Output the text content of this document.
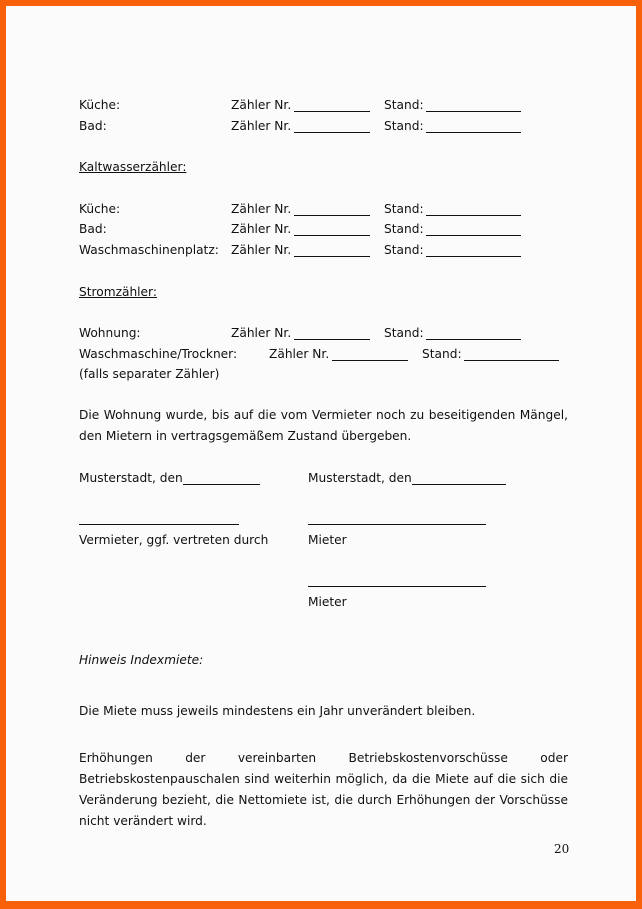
Küche:	Zähler Nr.	Stand:
Bad:	Zähler Nr.	Stand:
Kaltwasserzähler:
Küche:	Zähler Nr.	Stand:
Bad:	Zähler Nr.	Stand:
Waschmaschinenplatz: Zähler Nr.	Stand:
Stromzähler:
Wohnung:	Zähler Nr.	Stand:
Waschmaschine/Trockner:	Zähler Nr.	Stand:
(falls separater Zähler)
Die Wohnung wurde, bis auf die vom Vermieter noch zu beseitigenden Mängel, den Mietern in vertragsgemäßem Zustand übergeben.
Musterstadt, den	Musterstadt, den
Vermieter, ggf. vertreten durch	Mieter
Mieter
Hinweis Indexmiete:
Die Miete muss jeweils mindestens ein Jahr unverändert bleiben.
Erhöhungen der vereinbarten Betriebskostenvorschüsse oder Betriebskostenpauschalen sind weiterhin möglich, da die Miete auf die sich die Veränderung bezieht, die Nettomiete ist, die durch Erhöhungen der Vorschüsse nicht verändert wird.
20
